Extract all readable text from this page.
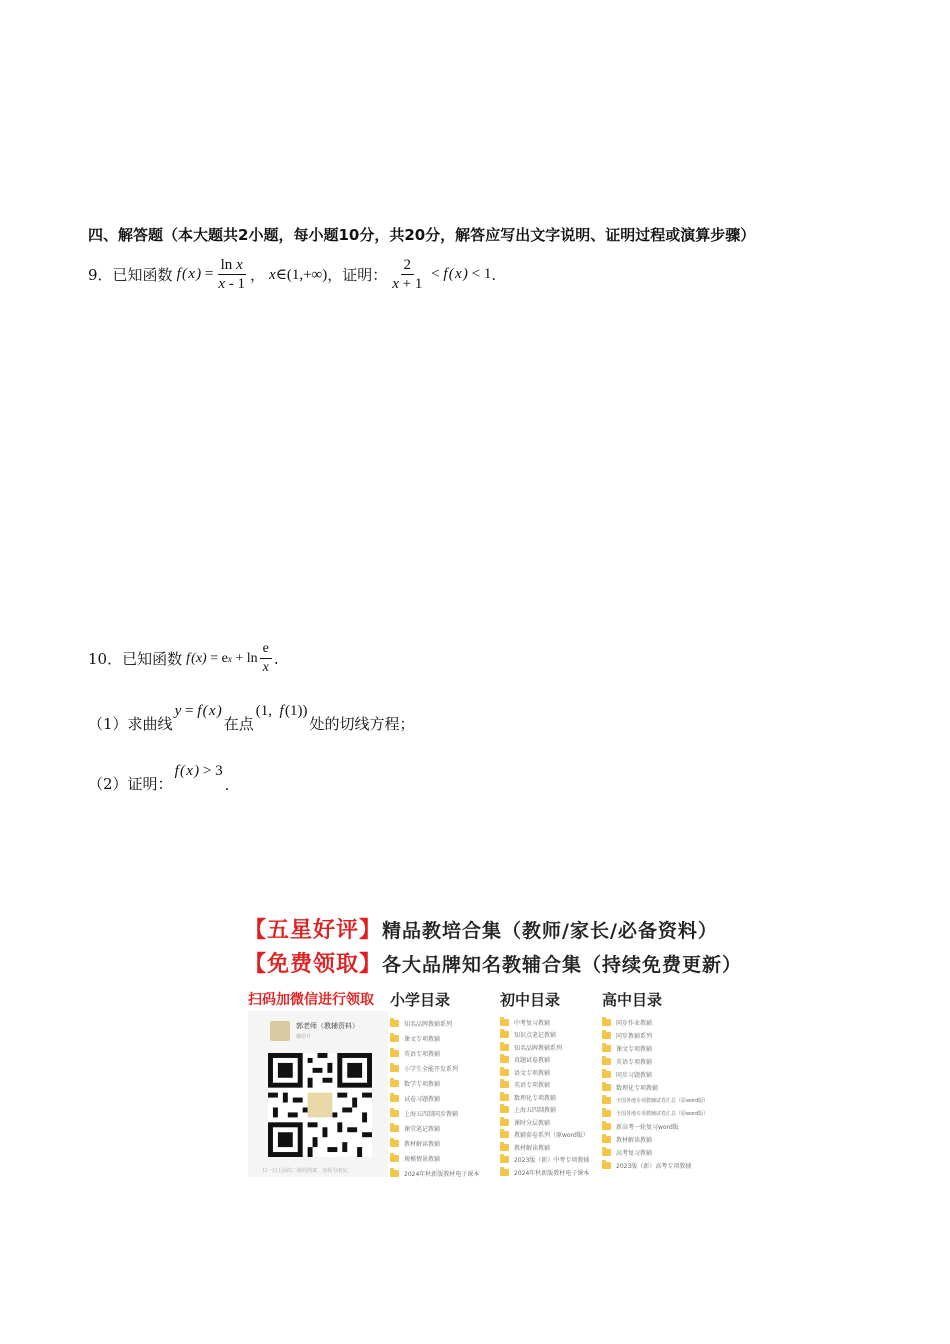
四、解答题（本大题共2小题，每小题10分，共20分，解答应写出文字说明、证明过程或演算步骤）
9． 已知函数 f ( x ) = $\frac{\text{ln x}}{x - 1}$ ， x∈(1,+∞) ，证明： $\frac{2}{x + 1} < f$ ( x ) < 1 .
10． 已知函数 f (x) = e $x + \ln \frac{e}{x}$ .
（1） 求曲线
y = f ( x )
在点
(1,  f (1))
处的切线方程；
（2） 证明：
f ( x ) > 3
.
【五星好评】精品教培合集（教师/家长/必备资料）
【免费领取】各大品牌知名教辅合集（持续免费更新）
扫码加微信进行领取
郭老师（教辅资料）
微信号
扫一扫上面的二维码图案，加我为朋友。
小学目录
知名品牌教辅系列
课文专项教辅
英语专项教辅
小学生全能开发系列
数学专项教辅
试卷习题教辅
上海五四制同步教辅
课堂笔记教辅
教材解读教辅
规模情景教辅
2024年秋新版教材电子课本
初中目录
中考复习教辅
知识点笔记教辅
知名品牌教辅系列
真题试卷教辅
语文专项教辅
英语专项教辅
数理化专项教辅
上海五四制教辅
课时分层教辅
教辅套卷系列（原word版）
教材解读教辅
2023版（新）中考专项教辅
2024年秋新版教材电子课本
高中目录
同步作业教辅
同步教辅系列
课文专项教辅
英语专项教辅
同步习题教辅
数理化专项教辅
全国各地专项教辅试卷汇总（原word版）
全国各地专项教辅试卷汇总（原word版）
新高考一轮复习word版
教材解读教辅
高考复习教辅
2023版（新）高考专项教辅
